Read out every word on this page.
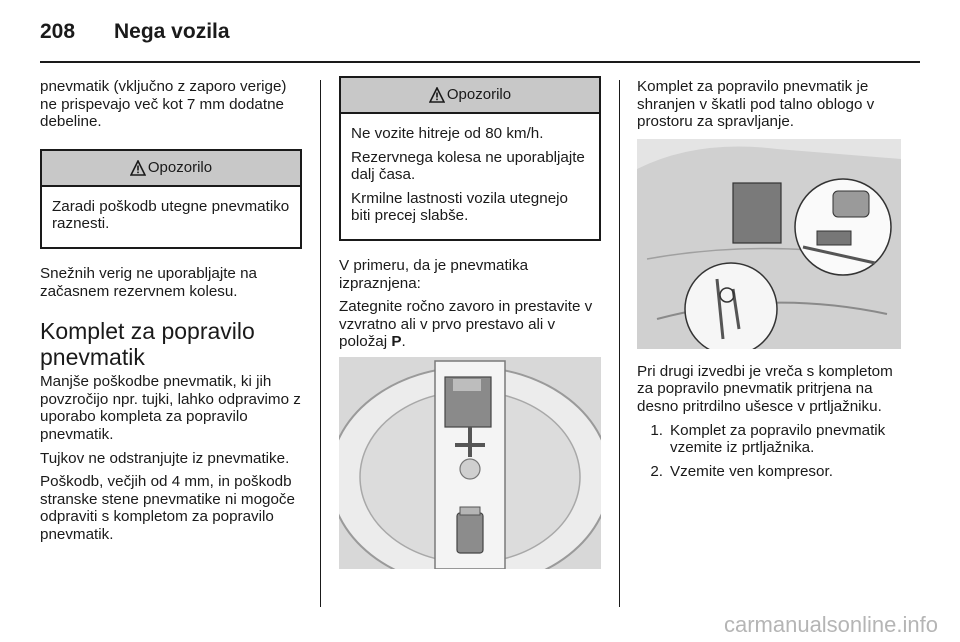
208 Nega vozila

pnevmatik (vključno z zaporo verige) ne prispevajo več kot 7 mm dodatne debeline.

Opozorilo

Zaradi poškodb utegne pnevmatiko raznesti.

Snežnih verig ne uporabljajte na začasnem rezervnem kolesu.

Komplet za popravilo pnevmatik

Manjše poškodbe pnevmatik, ki jih povzročijo npr. tujki, lahko odpravimo z uporabo kompleta za popravilo pnevmatik.

Tujkov ne odstranjujte iz pnevmatike.

Poškodb, večjih od 4 mm, in poškodb stranske stene pnevmatike ni mogoče odpraviti s kompletom za popravilo pnevmatik.

Opozorilo

Ne vozite hitreje od 80 km/h.

Rezervnega kolesa ne uporabljajte dalj časa.

Krmilne lastnosti vozila utegnejo biti precej slabše.

V primeru, da je pnevmatika izpraznjena:

Zategnite ročno zavoro in prestavite v vzvratno ali v prvo prestavo ali v položaj P.

Komplet za popravilo pnevmatik je shranjen v škatli pod talno oblogo v prostoru za spravljanje.

Pri drugi izvedbi je vreča s kompletom za popravilo pnevmatik pritrjena na desno pritrdilno ušesce v prtljažniku.

1. Komplet za popravilo pnevmatik vzemite iz prtljažnika.
2. Vzemite ven kompresor.
carmanualsonline.info
